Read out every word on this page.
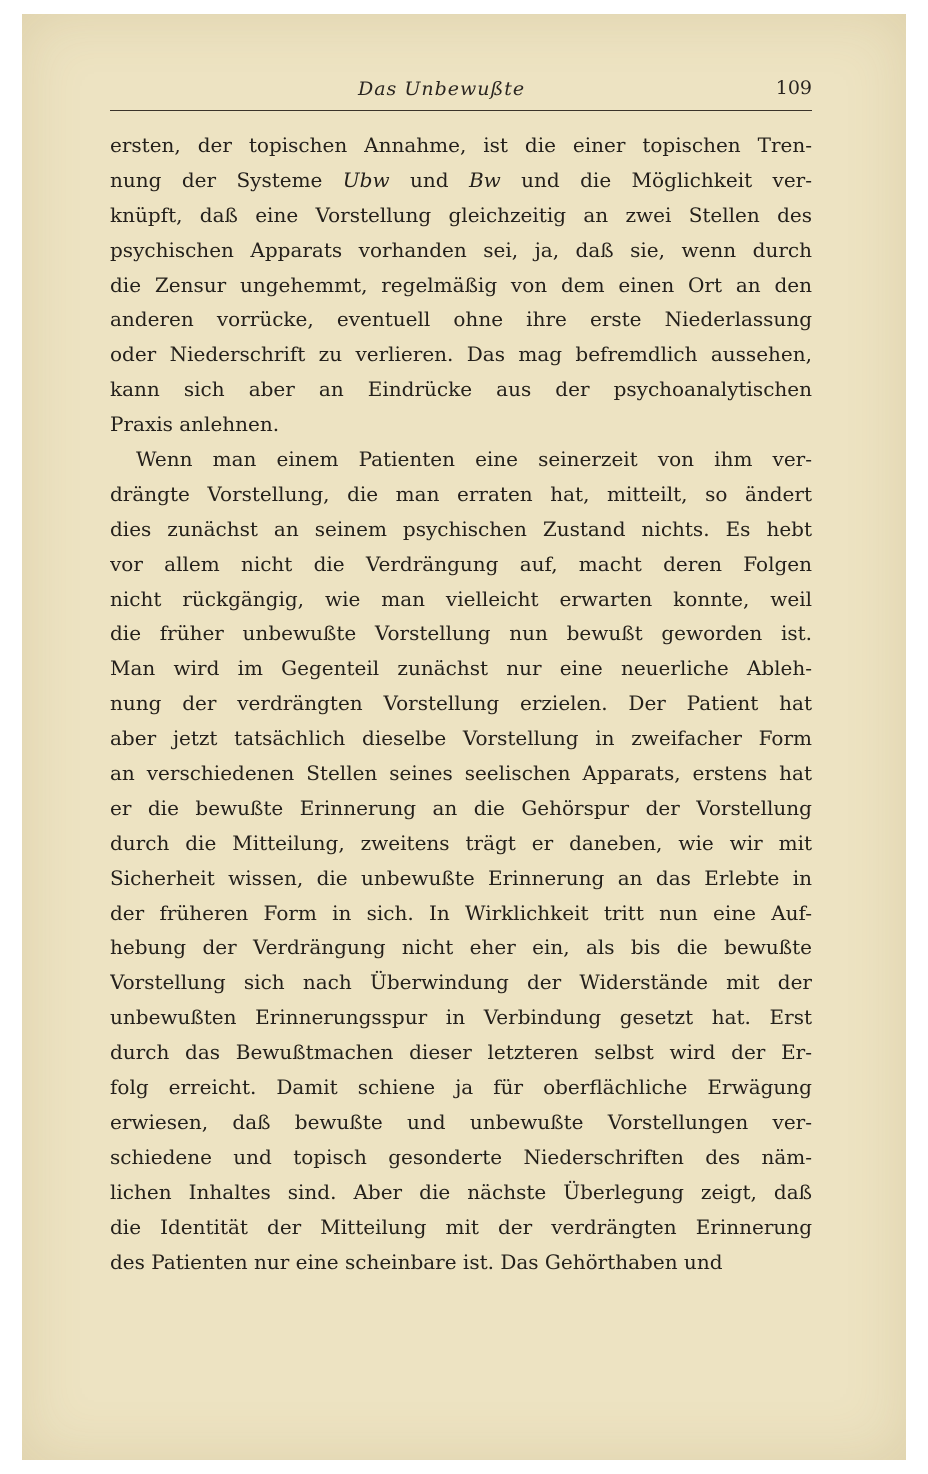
Das Unbewußte	109
ersten, der topischen Annahme, ist die einer topischen Tren-
nung der Systeme Ubw und Bw und die Möglichkeit ver-
knüpft, daß eine Vorstellung gleichzeitig an zwei Stellen des
psychischen Apparats vorhanden sei, ja, daß sie, wenn durch
die Zensur ungehemmt, regelmäßig von dem einen Ort an den
anderen vorrücke, eventuell ohne ihre erste Niederlassung
oder Niederschrift zu verlieren. Das mag befremdlich aussehen,
kann sich aber an Eindrücke aus der psychoanalytischen
Praxis anlehnen.
Wenn man einem Patienten eine seinerzeit von ihm ver-
drängte Vorstellung, die man erraten hat, mitteilt, so ändert
dies zunächst an seinem psychischen Zustand nichts. Es hebt
vor allem nicht die Verdrängung auf, macht deren Folgen
nicht rückgängig, wie man vielleicht erwarten konnte, weil
die früher unbewußte Vorstellung nun bewußt geworden ist.
Man wird im Gegenteil zunächst nur eine neuerliche Ableh-
nung der verdrängten Vorstellung erzielen. Der Patient hat
aber jetzt tatsächlich dieselbe Vorstellung in zweifacher Form
an verschiedenen Stellen seines seelischen Apparats, erstens hat
er die bewußte Erinnerung an die Gehörspur der Vorstellung
durch die Mitteilung, zweitens trägt er daneben, wie wir mit
Sicherheit wissen, die unbewußte Erinnerung an das Erlebte in
der früheren Form in sich. In Wirklichkeit tritt nun eine Auf-
hebung der Verdrängung nicht eher ein, als bis die bewußte
Vorstellung sich nach Überwindung der Widerstände mit der
unbewußten Erinnerungsspur in Verbindung gesetzt hat. Erst
durch das Bewußtmachen dieser letzteren selbst wird der Er-
folg erreicht. Damit schiene ja für oberflächliche Erwägung
erwiesen, daß bewußte und unbewußte Vorstellungen ver-
schiedene und topisch gesonderte Niederschriften des näm-
lichen Inhaltes sind. Aber die nächste Überlegung zeigt, daß
die Identität der Mitteilung mit der verdrängten Erinnerung
des Patienten nur eine scheinbare ist. Das Gehörthaben und
